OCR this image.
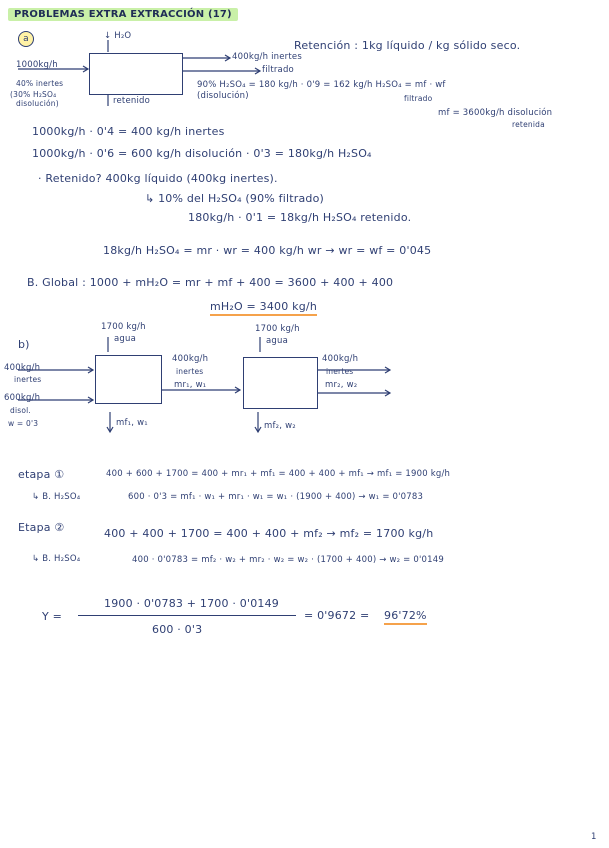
PROBLEMAS EXTRA EXTRACCIÓN (17)
a	↓ H₂O
Retención : 1kg líquido / kg sólido seco.
400kg/h inertes
filtrado
1000kg/h
40% inertes
(30% H₂SO₄
disolución)	retenido
90% H₂SO₄ = 180 kg/h · 0'9 = 162 kg/h H₂SO₄ = mf · wf
(disolución)	filtrado
mf = 3600kg/h disolución
retenida
1000kg/h · 0'4 = 400 kg/h inertes
1000kg/h · 0'6 = 600 kg/h disolución · 0'3 = 180kg/h H₂SO₄
· Retenido? 400kg líquido (400kg inertes).
↳ 10% del H₂SO₄ (90% filtrado)
180kg/h · 0'1 = 18kg/h H₂SO₄ retenido.
18kg/h H₂SO₄ = mr · wr = 400 kg/h wr → wr = wf = 0'045
B. Global : 1000 + mH₂O = mr + mf + 400 = 3600 + 400 + 400
mH₂O = 3400 kg/h
b)
1700 kg/h
agua
1700 kg/h
agua
400kg/h
inertes
600kg/h
disol.
w = 0'3
400kg/h
inertes
mr₁, w₁
400kg/h
inertes
mr₂, w₂
mf₁, w₁	mf₂, w₂
etapa ①	400 + 600 + 1700 = 400 + mr₁ + mf₁ = 400 + 400 + mf₁ → mf₁ = 1900 kg/h
↳ B. H₂SO₄	600 · 0'3 = mf₁ · w₁ + mr₁ · w₁ = w₁ · (1900 + 400) → w₁ = 0'0783
Etapa ②	400 + 400 + 1700 = 400 + 400 + mf₂ → mf₂ = 1700 kg/h
↳ B. H₂SO₄	400 · 0'0783 = mf₂ · w₂ + mr₂ · w₂ = w₂ · (1700 + 400) → w₂ = 0'0149
Y =
1900 · 0'0783 + 1700 · 0'0149
600 · 0'3
= 0'9672 = 96'72%
1
